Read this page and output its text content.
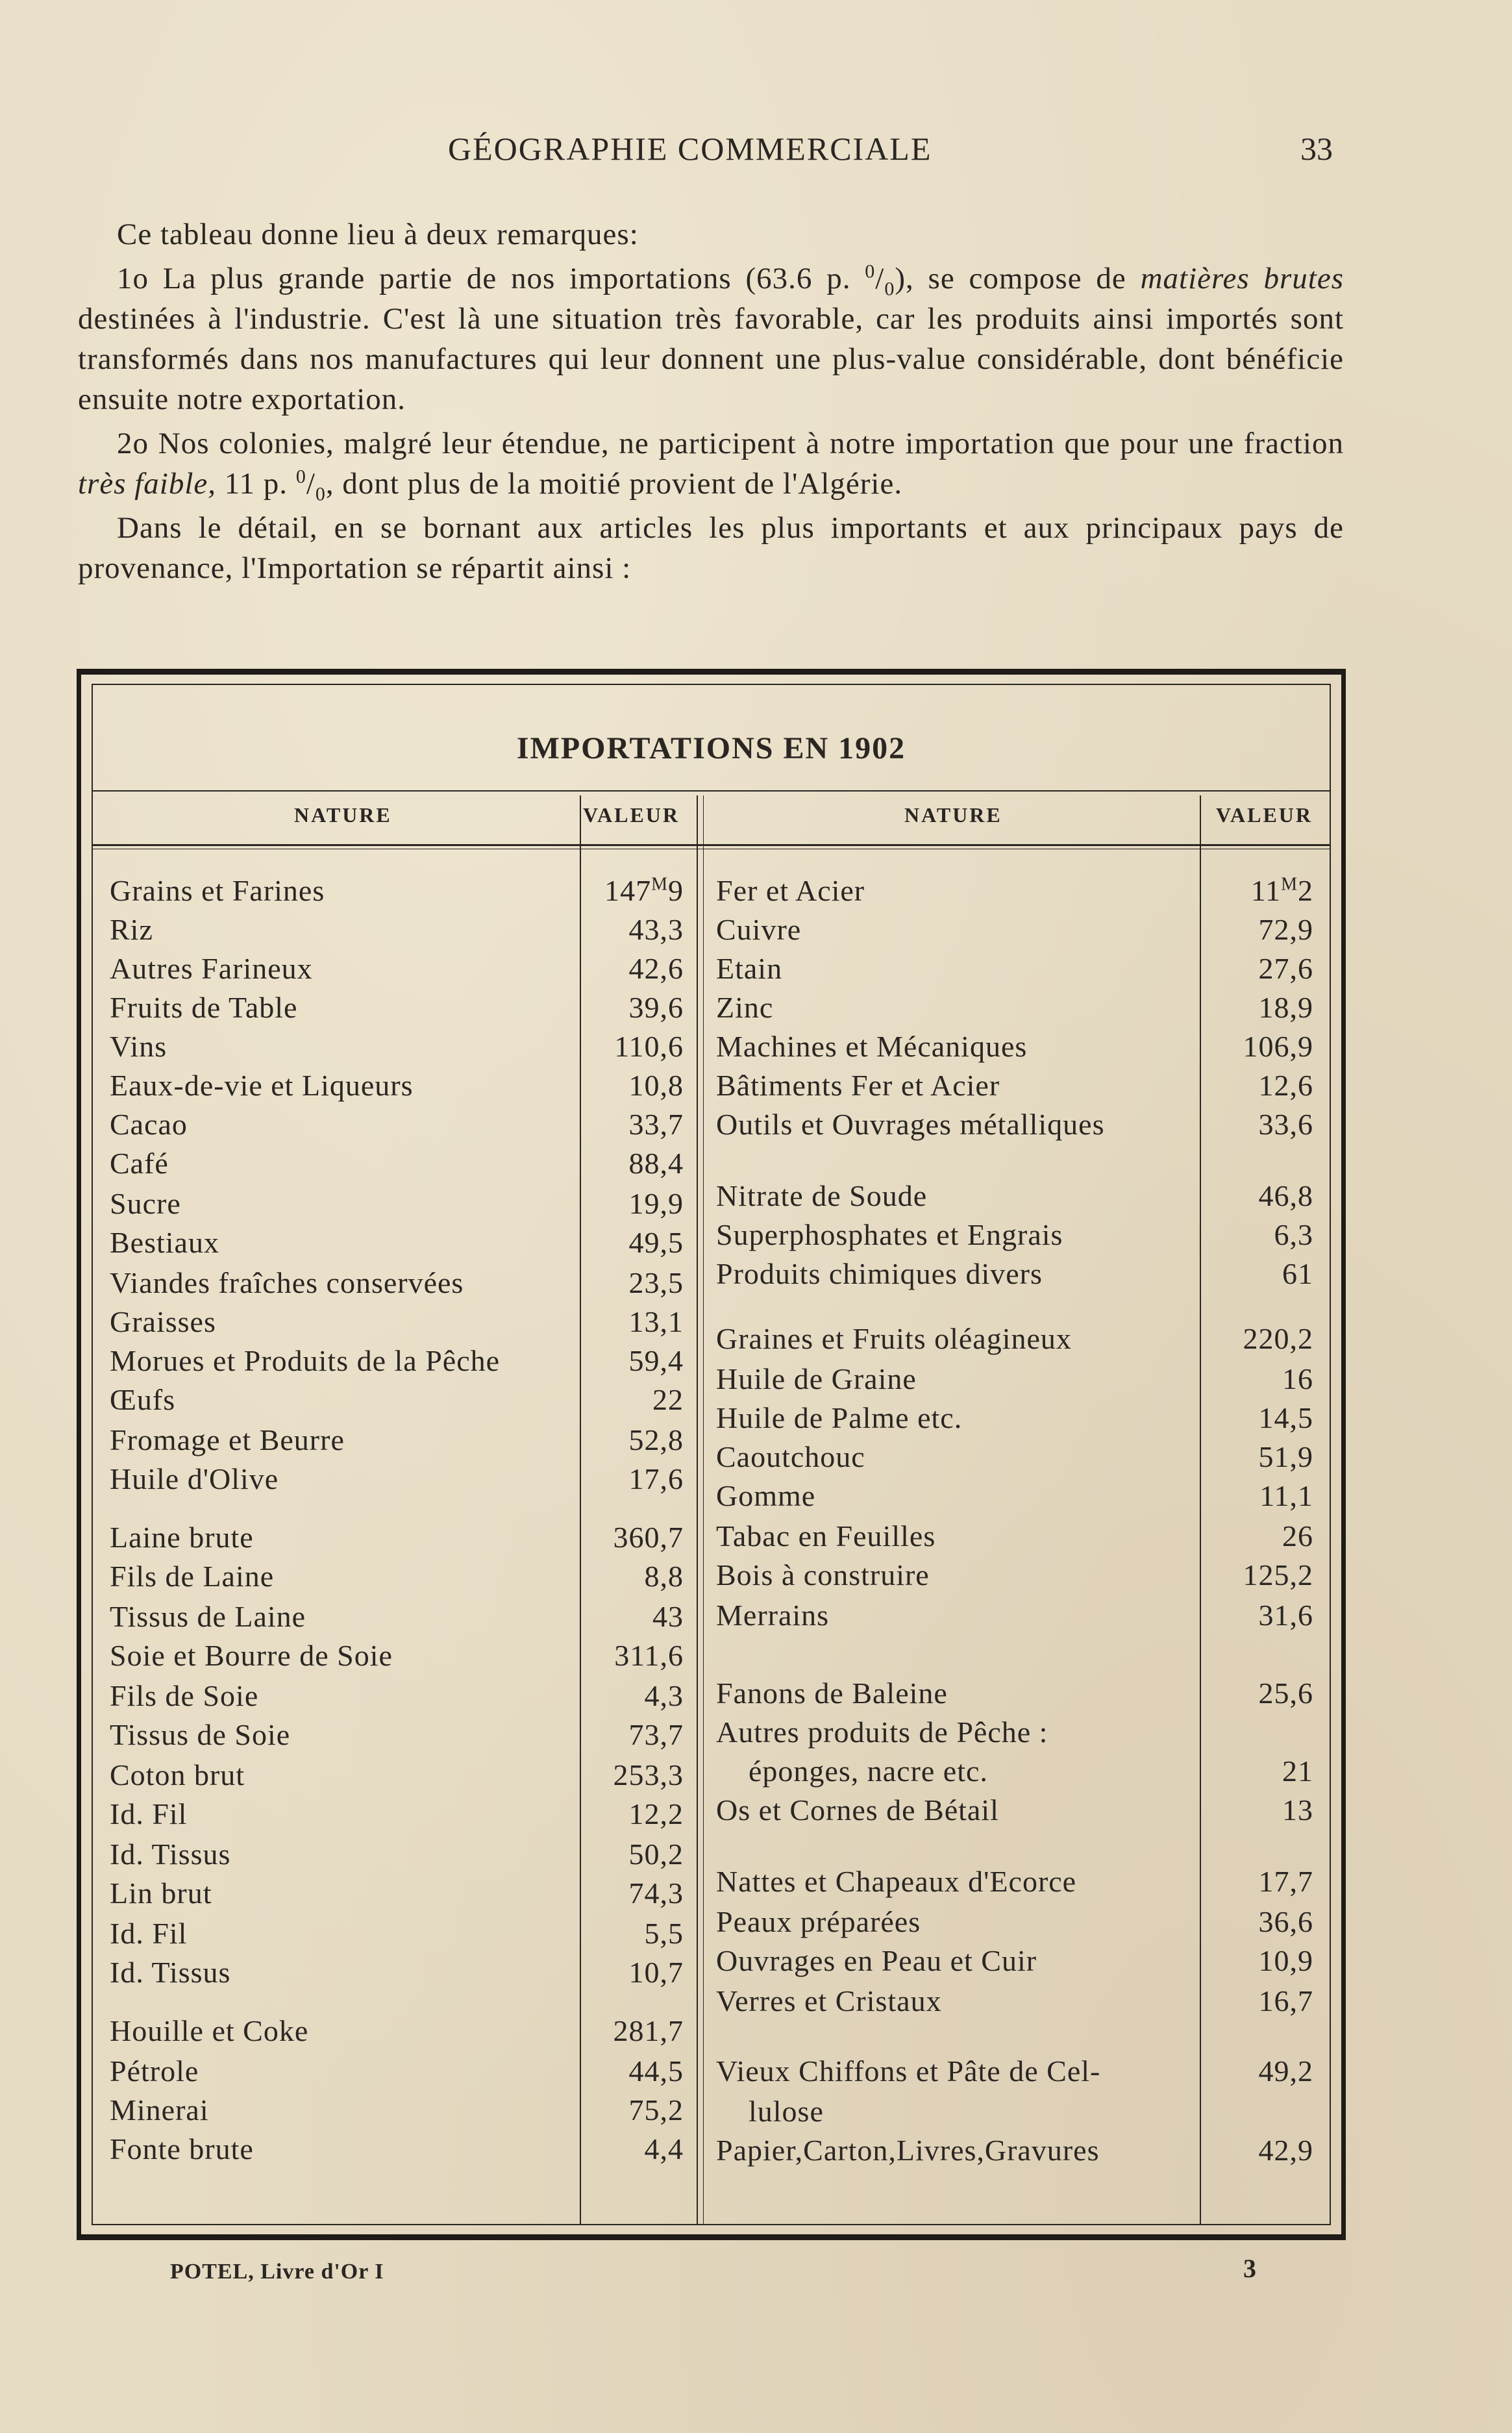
GÉOGRAPHIE COMMERCIALE	33

Ce tableau donne lieu à deux remarques:

1o La plus grande partie de nos importations (63.6 p. $^0/_0$), se compose de matières brutes destinées à l'industrie. C'est là une situation très favorable, car les produits ainsi importés sont transformés dans nos manufactures qui leur donnent une plus-value considérable, dont bénéficie ensuite notre exportation.

2o Nos colonies, malgré leur étendue, ne participent à notre importation que pour une fraction très faible, 11 p. $^0/_0$, dont plus de la moitié provient de l'Algérie.

Dans le détail, en se bornant aux articles les plus importants et aux principaux pays de provenance, l'Importation se répartit ainsi :

IMPORTATIONS EN 1902
NATURE	VALEUR	NATURE	VALEUR
Grains et Farines	$147^M9$
Riz	43,3
Autres Farineux	42,6
Fruits de Table	39,6
Vins	110,6
Eaux-de-vie et Liqueurs	10,8
Cacao	33,7
Café	88,4
Sucre	19,9
Bestiaux	49,5
Viandes fraîches conservées	23,5
Graisses	13,1
Morues et Produits de la Pêche	59,4
Œufs	22
Fromage et Beurre	52,8
Huile d'Olive	17,6
Laine brute	360,7
Fils de Laine	8,8
Tissus de Laine	43
Soie et Bourre de Soie	311,6
Fils de Soie	4,3
Tissus de Soie	73,7
Coton brut	253,3
Id. Fil	12,2
Id. Tissus	50,2
Lin brut	74,3
Id. Fil	5,5
Id. Tissus	10,7
Houille et Coke	281,7
Pétrole	44,5
Minerai	75,2
Fonte brute	4,4
Fer et Acier	$11^M2$
Cuivre	72,9
Etain	27,6
Zinc	18,9
Machines et Mécaniques	106,9
Bâtiments Fer et Acier	12,6
Outils et Ouvrages métalliques	33,6
Nitrate de Soude	46,8
Superphosphates et Engrais	6,3
Produits chimiques divers	61
Graines et Fruits oléagineux	220,2
Huile de Graine	16
Huile de Palme etc.	14,5
Caoutchouc	51,9
Gomme	11,1
Tabac en Feuilles	26
Bois à construire	125,2
Merrains	31,6
Fanons de Baleine	25,6
Autres produits de Pêche :
éponges, nacre etc.	21
Os et Cornes de Bétail	13
Nattes et Chapeaux d'Ecorce	17,7
Peaux préparées	36,6
Ouvrages en Peau et Cuir	10,9
Verres et Cristaux	16,7
Vieux Chiffons et Pâte de Cel-	49,2
lulose
Papier,Carton,Livres,Gravures	42,9
POTEL, Livre d'Or I	3
